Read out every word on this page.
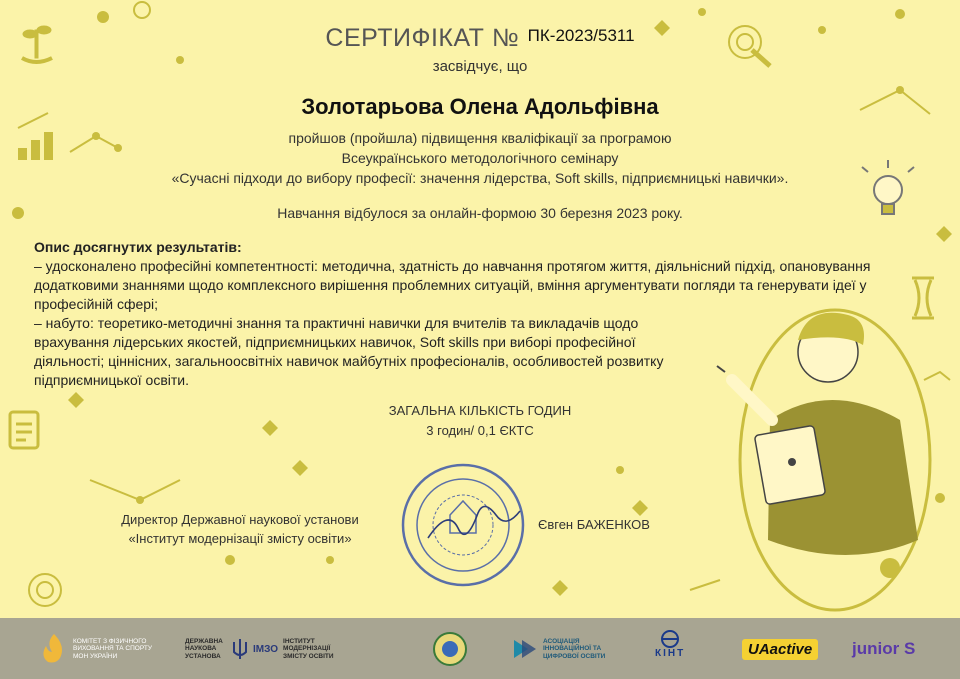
СЕРТИФІКАТ № ПК-2023/5311
засвідчує, що
Золотарьова Олена Адольфівна
пройшов (пройшла) підвищення кваліфікації за програмою
Всеукраїнського методологічного семінару
«Сучасні підходи до вибору професії: значення лідерства, Soft skills, підприємницькі навички».
Навчання відбулося за онлайн-формою 30 березня 2023 року.
Опис досягнутих результатів:
– удосконалено професійні компетентності: методична, здатність до навчання протягом життя, діяльнісний підхід, опановування додатковими знаннями щодо комплексного вирішення проблемних ситуацій, вміння аргументувати погляди та генерувати ідеї у професійній сфері;
– набуто: теоретико-методичні знання та практичні навички для вчителів та викладачів щодо врахування лідерських якостей, підприємницьких навичок, Soft skills при виборі професійної діяльності; ціннісних, загальноосвітніх навичок майбутніх професіоналів, особливостей розвитку підприємницької освіти.
ЗАГАЛЬНА КІЛЬКІСТЬ ГОДИН
3 годин/ 0,1 ЄКТС
Директор Державної наукової установи
«Інститут модернізації змісту освіти»
Євген БАЖЕНКОВ
КОМІТЕТ З ФІЗИЧНОГО ВИХОВАННЯ ТА СПОРТУ МОН УКРАЇНИ
ДЕРЖАВНА НАУКОВА УСТАНОВА
ІМЗО
ІНСТИТУТ МОДЕРНІЗАЦІЇ ЗМІСТУ ОСВІТИ
АСОЦІАЦІЯ ІННОВАЦІЙНОЇ ТА ЦИФРОВОЇ ОСВІТИ	КІНТ	UAactive	junior S
